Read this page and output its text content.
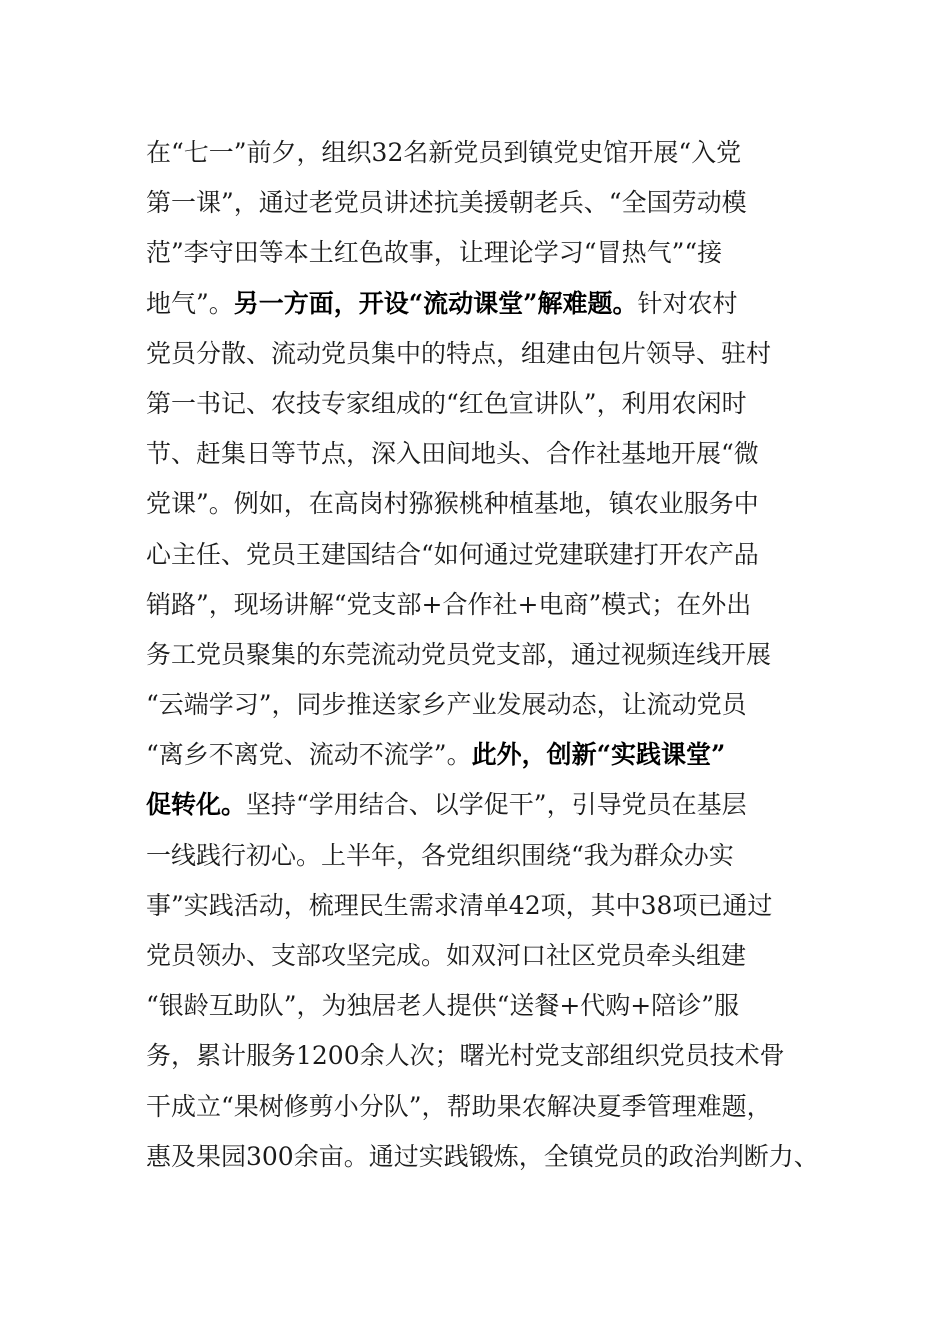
在“七一”前夕，组织32名新党员到镇党史馆开展“入党
第一课”，通过老党员讲述抗美援朝老兵、“全国劳动模
范”李守田等本土红色故事，让理论学习“冒热气”“接
地气”。另一方面，开设“流动课堂”解难题。针对农村
党员分散、流动党员集中的特点，组建由包片领导、驻村
第一书记、农技专家组成的“红色宣讲队”，利用农闲时
节、赶集日等节点，深入田间地头、合作社基地开展“微
党课”。例如，在高岗村猕猴桃种植基地，镇农业服务中
心主任、党员王建国结合“如何通过党建联建打开农产品
销路”，现场讲解“党支部+合作社+电商”模式；在外出
务工党员聚集的东莞流动党员党支部，通过视频连线开展
“云端学习”，同步推送家乡产业发展动态，让流动党员
“离乡不离党、流动不流学”。此外，创新“实践课堂”
促转化。坚持“学用结合、以学促干”，引导党员在基层
一线践行初心。上半年，各党组织围绕“我为群众办实
事”实践活动，梳理民生需求清单42项，其中38项已通过
党员领办、支部攻坚完成。如双河口社区党员牵头组建
“银龄互助队”，为独居老人提供“送餐+代购+陪诊”服
务，累计服务1200余人次；曙光村党支部组织党员技术骨
干成立“果树修剪小分队”，帮助果农解决夏季管理难题，
惠及果园300余亩。通过实践锻炼，全镇党员的政治判断力、
